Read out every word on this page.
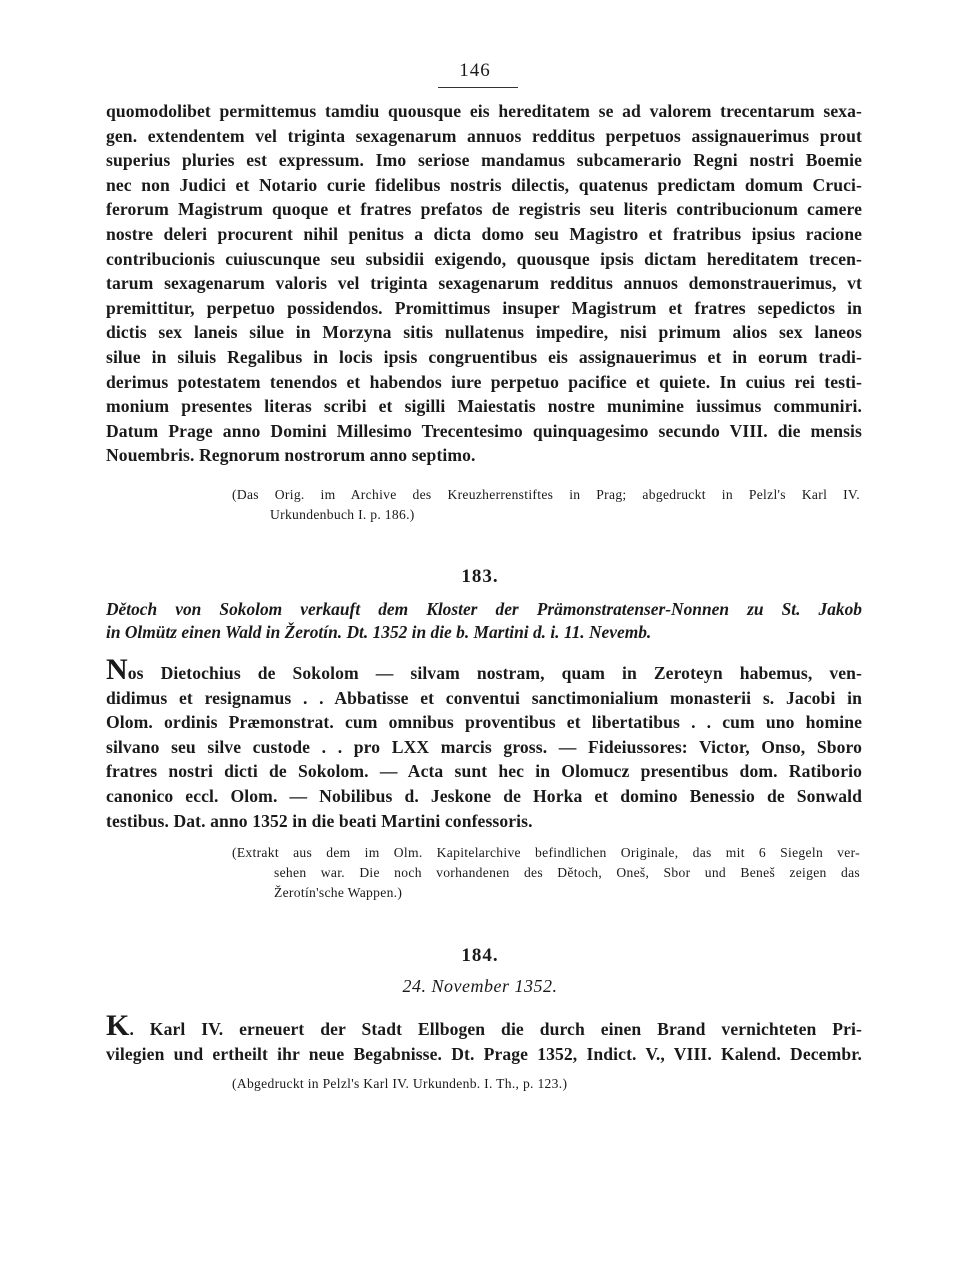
146
quomodolibet permittemus tamdiu quousque eis hereditatem se ad valorem trecentarum sexa-
gen. extendentem vel triginta sexagenarum annuos redditus perpetuos assignauerimus prout
superius pluries est expressum. Imo seriose mandamus subcamerario Regni nostri Boemie
nec non Judici et Notario curie fidelibus nostris dilectis, quatenus predictam domum Cruci-
ferorum Magistrum quoque et fratres prefatos de registris seu literis contribucionum camere
nostre deleri procurent nihil penitus a dicta domo seu Magistro et fratribus ipsius racione
contribucionis cuiuscunque seu subsidii exigendo, quousque ipsis dictam hereditatem trecen-
tarum sexagenarum valoris vel triginta sexagenarum redditus annuos demonstrauerimus, vt
premittitur, perpetuo possidendos. Promittimus insuper Magistrum et fratres sepedictos in
dictis sex laneis silue in Morzyna sitis nullatenus impedire, nisi primum alios sex laneos
silue in siluis Regalibus in locis ipsis congruentibus eis assignauerimus et in eorum tradi-
derimus potestatem tenendos et habendos iure perpetuo pacifice et quiete. In cuius rei testi-
monium presentes literas scribi et sigilli Maiestatis nostre munimine iussimus communiri.
Datum Prage anno Domini Millesimo Trecentesimo quinquagesimo secundo VIII. die mensis
Nouembris. Regnorum nostrorum anno septimo.
(Das Orig. im Archive des Kreuzherrenstiftes in Prag; abgedruckt in Pelzl's Karl IV.
Urkundenbuch I. p. 186.)
183.
Dětoch von Sokolom verkauft dem Kloster der Prämonstratenser-Nonnen zu St. Jakob
in Olmütz einen Wald in Žerotín. Dt. 1352 in die b. Martini d. i. 11. Nevemb.
Nos Dietochius de Sokolom — silvam nostram, quam in Zeroteyn habemus, ven-
didimus et resignamus . . Abbatisse et conventui sanctimonialium monasterii s. Jacobi in
Olom. ordinis Præmonstrat. cum omnibus proventibus et libertatibus . . cum uno homine
silvano seu silve custode . . pro LXX marcis gross. — Fideiussores: Victor, Onso, Sboro
fratres nostri dicti de Sokolom. — Acta sunt hec in Olomucz presentibus dom. Ratiborio
canonico eccl. Olom. — Nobilibus d. Jeskone de Horka et domino Benessio de Sonwald
testibus. Dat. anno 1352 in die beati Martini confessoris.
(Extrakt aus dem im Olm. Kapitelarchive befindlichen Originale, das mit 6 Siegeln ver-
sehen war. Die noch vorhandenen des Dětoch, Oneš, Sbor und Beneš zeigen das
Žerotín'sche Wappen.)
184.
24. November 1352.
K. Karl IV. erneuert der Stadt Ellbogen die durch einen Brand vernichteten Pri-
vilegien und ertheilt ihr neue Begabnisse. Dt. Prage 1352, Indict. V., VIII. Kalend. Decembr.
(Abgedruckt in Pelzl's Karl IV. Urkundenb. I. Th., p. 123.)
